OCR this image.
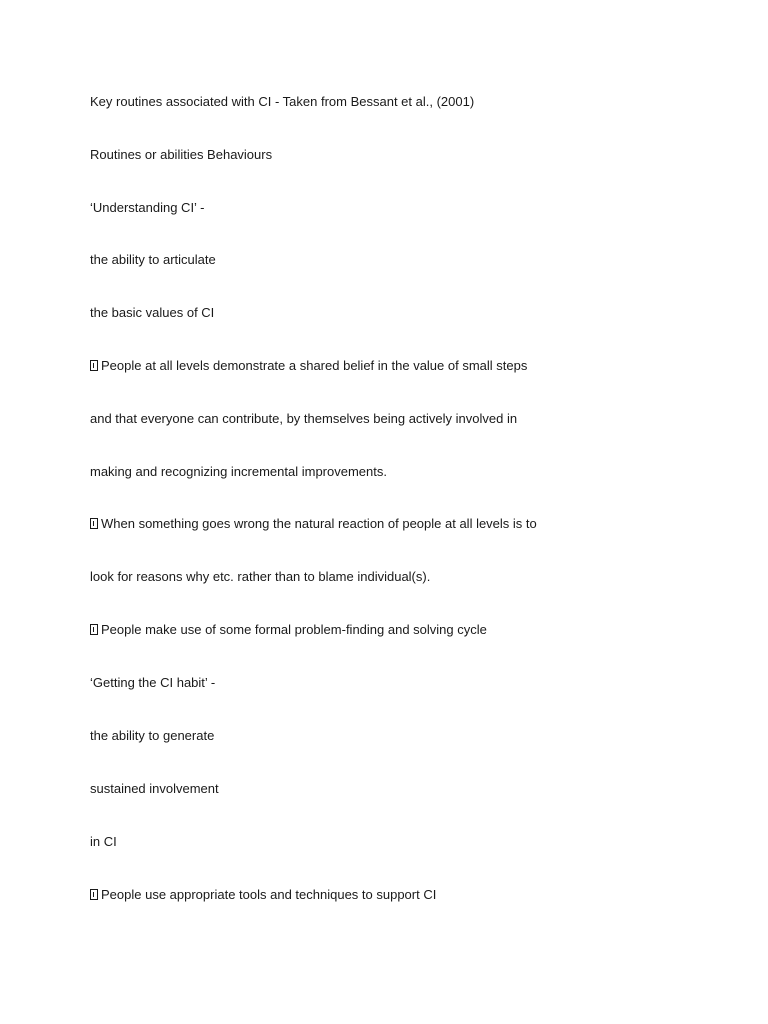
Key routines associated with CI - Taken from Bessant et al., (2001)
Routines or abilities Behaviours
‘Understanding CI’ -
the ability to articulate
the basic values of CI
People at all levels demonstrate a shared belief in the value of small steps
and that everyone can contribute, by themselves being actively involved in
making and recognizing incremental improvements.
When something goes wrong the natural reaction of people at all levels is to
look for reasons why etc. rather than to blame individual(s).
People make use of some formal problem-finding and solving cycle
‘Getting the CI habit’ -
the ability to generate
sustained involvement
in CI
People use appropriate tools and techniques to support CI
